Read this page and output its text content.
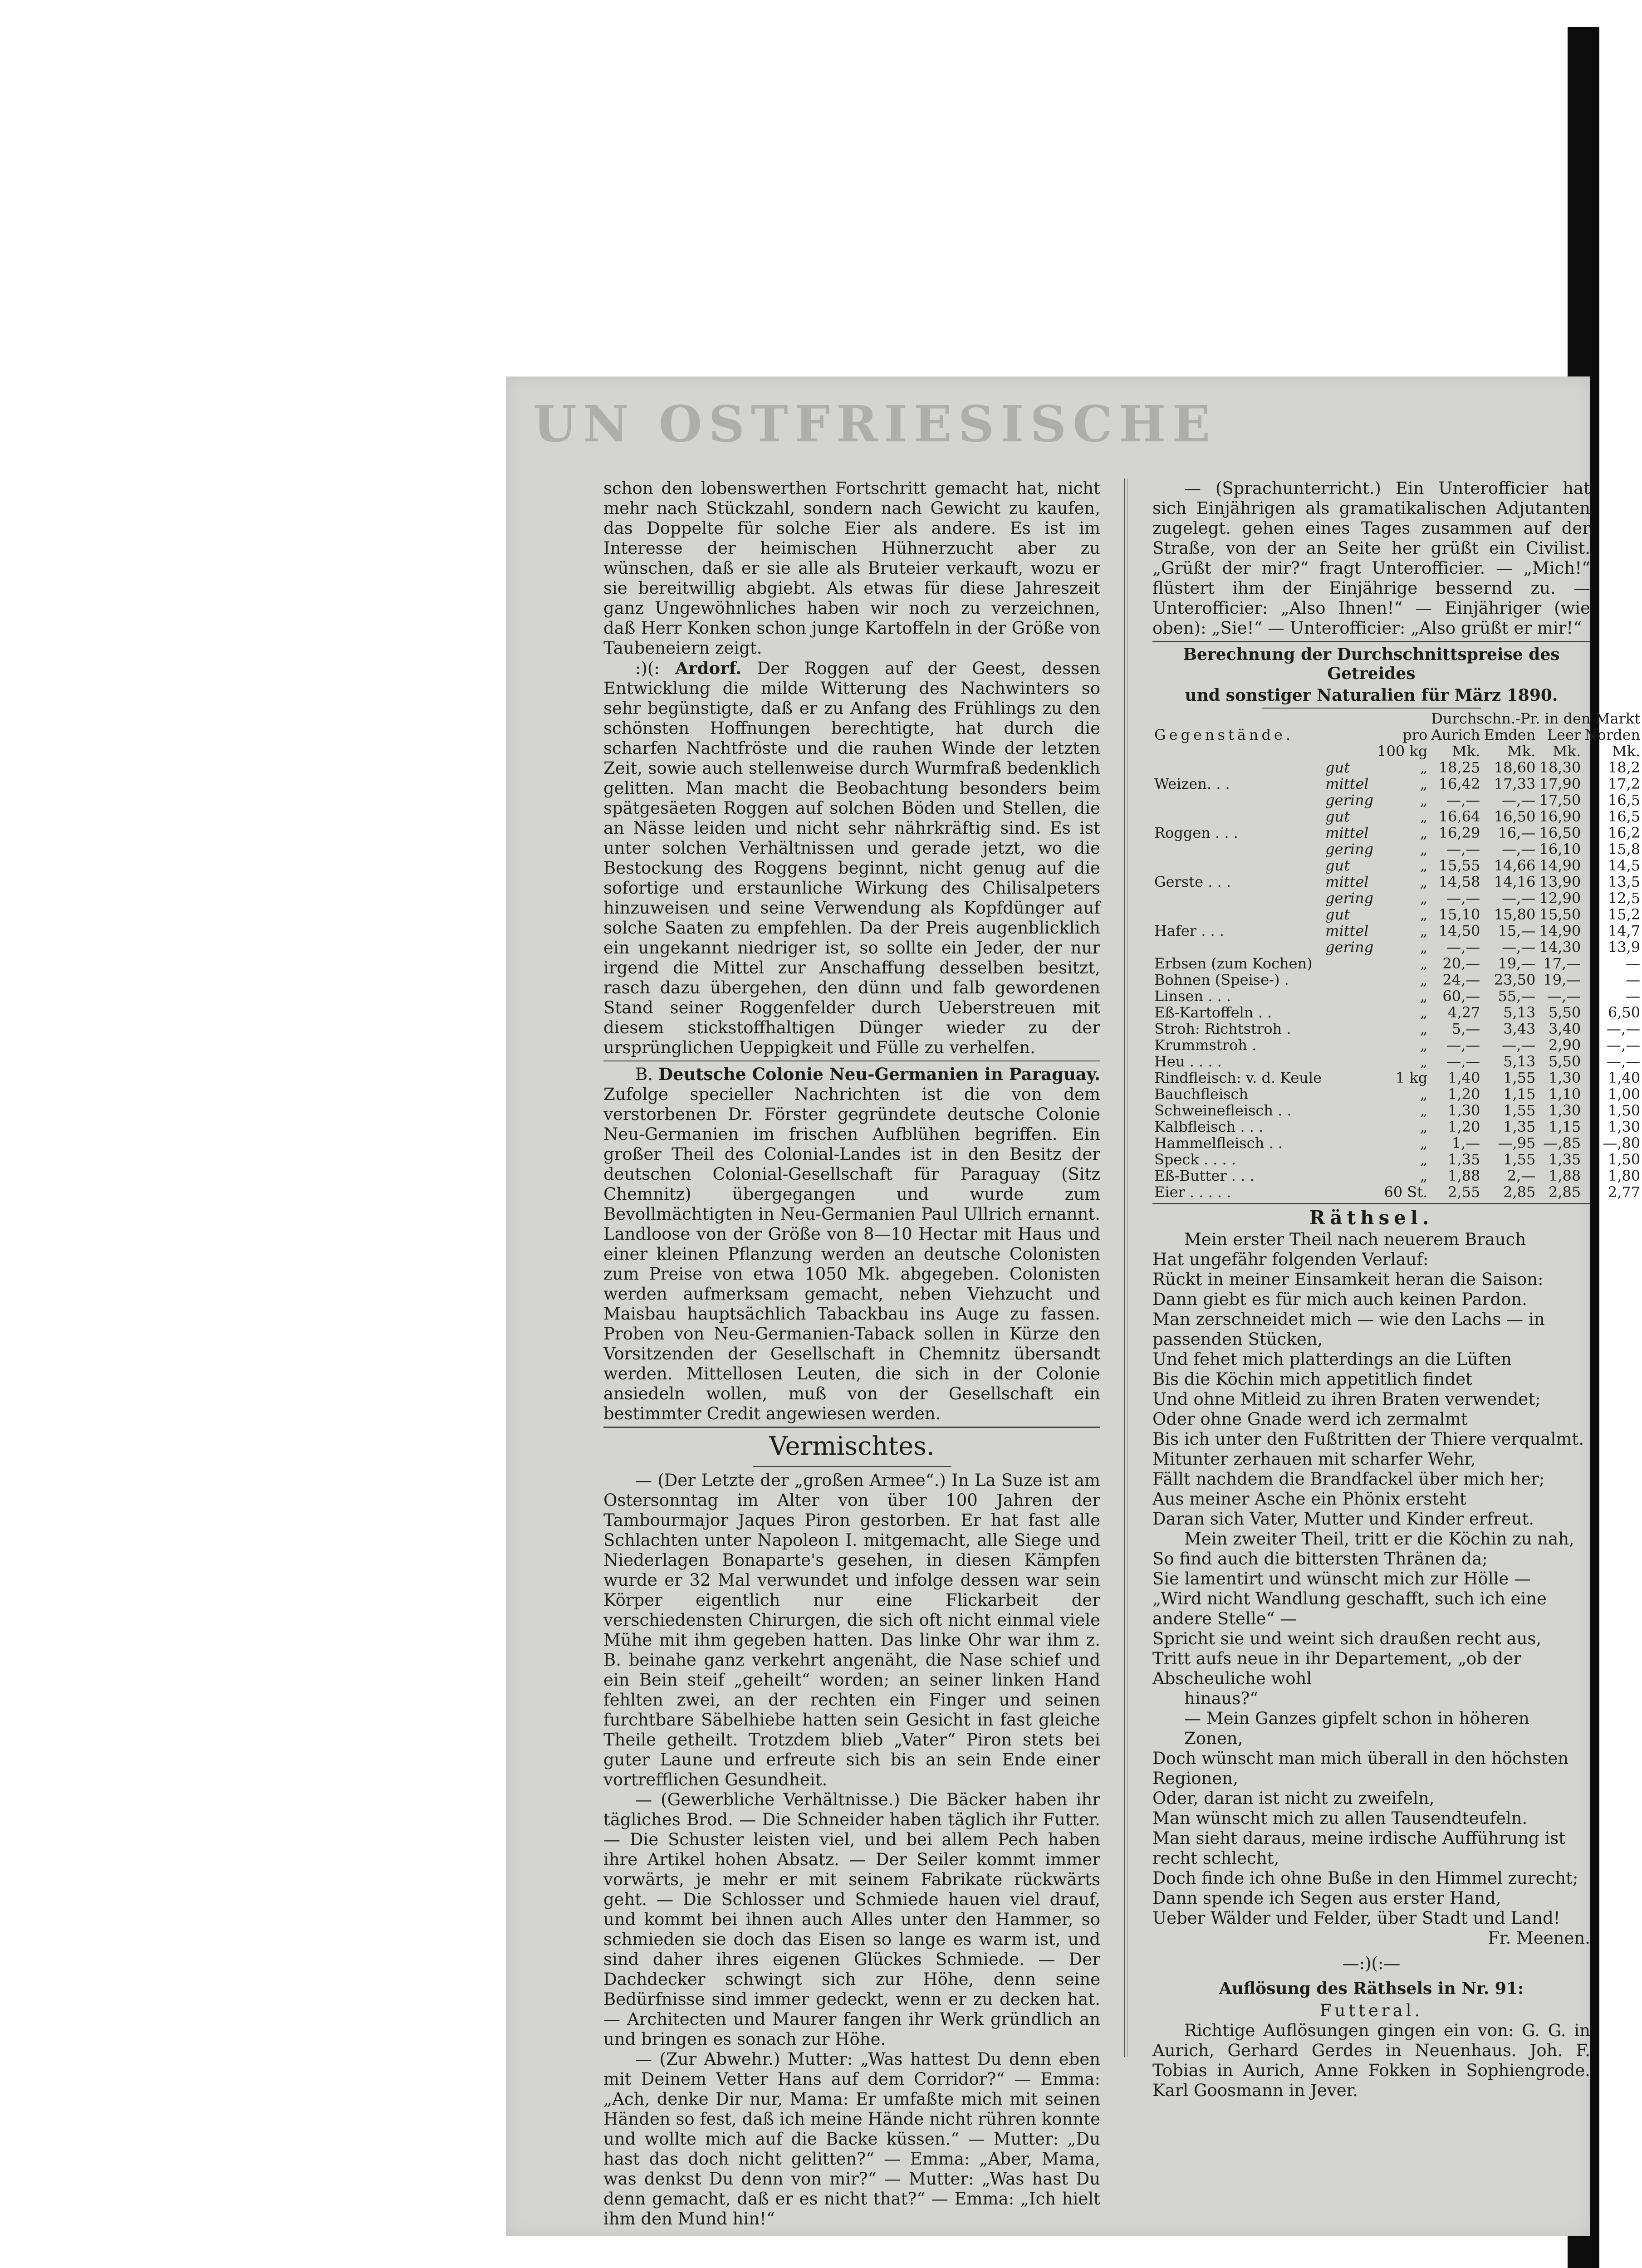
UN OSTFRIESISCHE

schon den lobenswerthen Fortschritt gemacht hat, nicht mehr nach Stückzahl, sondern nach Gewicht zu kaufen, das Doppelte für solche Eier als andere. Es ist im Interesse der heimischen Hühnerzucht aber zu wünschen, daß er sie alle als Bruteier verkauft, wozu er sie bereitwillig abgiebt. Als etwas für diese Jahreszeit ganz Ungewöhnliches haben wir noch zu verzeichnen, daß Herr Konken schon junge Kartoffeln in der Größe von Taubeneiern zeigt.

:)(: Ardorf. Der Roggen auf der Geest, dessen Entwicklung die milde Witterung des Nachwinters so sehr begünstigte, daß er zu Anfang des Frühlings zu den schönsten Hoffnungen berechtigte, hat durch die scharfen Nachtfröste und die rauhen Winde der letzten Zeit, sowie auch stellenweise durch Wurmfraß bedenklich gelitten. Man macht die Beobachtung besonders beim spätgesäeten Roggen auf solchen Böden und Stellen, die an Nässe leiden und nicht sehr nährkräftig sind. Es ist unter solchen Verhältnissen und gerade jetzt, wo die Bestockung des Roggens beginnt, nicht genug auf die sofortige und erstaunliche Wirkung des Chilisalpeters hinzuweisen und seine Verwendung als Kopfdünger auf solche Saaten zu empfehlen. Da der Preis augenblicklich ein ungekannt niedriger ist, so sollte ein Jeder, der nur irgend die Mittel zur Anschaffung desselben besitzt, rasch dazu übergehen, den dünn und falb gewordenen Stand seiner Roggenfelder durch Ueberstreuen mit diesem stickstoffhaltigen Dünger wieder zu der ursprünglichen Ueppigkeit und Fülle zu verhelfen.

B. Deutsche Colonie Neu-Germanien in Paraguay. Zufolge specieller Nachrichten ist die von dem verstorbenen Dr. Förster gegründete deutsche Colonie Neu-Germanien im frischen Aufblühen begriffen. Ein großer Theil des Colonial-Landes ist in den Besitz der deutschen Colonial-Gesellschaft für Paraguay (Sitz Chemnitz) übergegangen und wurde zum Bevollmächtigten in Neu-Germanien Paul Ullrich ernannt. Landloose von der Größe von 8—10 Hectar mit Haus und einer kleinen Pflanzung werden an deutsche Colonisten zum Preise von etwa 1050 Mk. abgegeben. Colonisten werden aufmerksam gemacht, neben Viehzucht und Maisbau hauptsächlich Tabackbau ins Auge zu fassen. Proben von Neu-Germanien-Taback sollen in Kürze den Vorsitzenden der Gesellschaft in Chemnitz übersandt werden. Mittellosen Leuten, die sich in der Colonie ansiedeln wollen, muß von der Gesellschaft ein bestimmter Credit angewiesen werden.

Vermischtes.

— (Der Letzte der „großen Armee“.) In La Suze ist am Ostersonntag im Alter von über 100 Jahren der Tambourmajor Jaques Piron gestorben. Er hat fast alle Schlachten unter Napoleon I. mitgemacht, alle Siege und Niederlagen Bonaparte's gesehen, in diesen Kämpfen wurde er 32 Mal verwundet und infolge dessen war sein Körper eigentlich nur eine Flickarbeit der verschiedensten Chirurgen, die sich oft nicht einmal viele Mühe mit ihm gegeben hatten. Das linke Ohr war ihm z. B. beinahe ganz verkehrt angenäht, die Nase schief und ein Bein steif „geheilt“ worden; an seiner linken Hand fehlten zwei, an der rechten ein Finger und seinen furchtbare Säbelhiebe hatten sein Gesicht in fast gleiche Theile getheilt. Trotzdem blieb „Vater“ Piron stets bei guter Laune und erfreute sich bis an sein Ende einer vortrefflichen Gesundheit.

— (Gewerbliche Verhältnisse.) Die Bäcker haben ihr tägliches Brod. — Die Schneider haben täglich ihr Futter. — Die Schuster leisten viel, und bei allem Pech haben ihre Artikel hohen Absatz. — Der Seiler kommt immer vorwärts, je mehr er mit seinem Fabrikate rückwärts geht. — Die Schlosser und Schmiede hauen viel drauf, und kommt bei ihnen auch Alles unter den Hammer, so schmieden sie doch das Eisen so lange es warm ist, und sind daher ihres eigenen Glückes Schmiede. — Der Dachdecker schwingt sich zur Höhe, denn seine Bedürfnisse sind immer gedeckt, wenn er zu decken hat. — Architecten und Maurer fangen ihr Werk gründlich an und bringen es sonach zur Höhe.

— (Zur Abwehr.) Mutter: „Was hattest Du denn eben mit Deinem Vetter Hans auf dem Corridor?“ — Emma: „Ach, denke Dir nur, Mama: Er umfaßte mich mit seinen Händen so fest, daß ich meine Hände nicht rühren konnte und wollte mich auf die Backe küssen.“ — Mutter: „Du hast das doch nicht gelitten?“ — Emma: „Aber, Mama, was denkst Du denn von mir?“ — Mutter: „Was hast Du denn gemacht, daß er es nicht that?“ — Emma: „Ich hielt ihm den Mund hin!“

— (Sprachunterricht.) Ein Unterofficier hat sich Einjährigen als gramatikalischen Adjutanten zugelegt. gehen eines Tages zusammen auf der Straße, von der an Seite her grüßt ein Civilist. „Grüßt der mir?“ fragt Unterofficier. — „Mich!“ flüstert ihm der Einjährige bessernd zu. — Unterofficier: „Also Ihnen!“ — Einjähriger (wie oben): „Sie!“ — Unterofficier: „Also grüßt er mir!“

Berechnung der Durchschnittspreise des Getreides
und sonstiger Naturalien für März 1890.
			Durchschn.-Pr. in den Markt			
Gegenstände.		pro	Aurich	Emden	Leer	Norden
		100 kg	Mk.	Mk.	Mk.	Mk.
	gut	„	18,25	18,60	18,30	18,2
Weizen. . .	mittel	„	16,42	17,33	17,90	17,2
	gering	„	—,—	—,—	17,50	16,5
	gut	„	16,64	16,50	16,90	16,5
Roggen . . .	mittel	„	16,29	16,—	16,50	16,2
	gering	„	—,—	—,—	16,10	15,8
	gut	„	15,55	14,66	14,90	14,5
Gerste . . .	mittel	„	14,58	14,16	13,90	13,5
	gering	„	—,—	—,—	12,90	12,5
	gut	„	15,10	15,80	15,50	15,2
Hafer . . .	mittel	„	14,50	15,—	14,90	14,7
	gering	„	—,—	—,—	14,30	13,9
Erbsen (zum Kochen)		„	20,—	19,—	17,—	—
Bohnen (Speise-) .		„	24,—	23,50	19,—	—
Linsen . . .		„	60,—	55,—	—,—	—
Eß-Kartoffeln . .		„	4,27	5,13	5,50	6,50
Stroh: Richtstroh .		„	5,—	3,43	3,40	—,—
Krummstroh .		„	—,—	—,—	2,90	—,—
Heu . . . .		„	—,—	5,13	5,50	—,—
Rindfleisch: v. d. Keule		1 kg	1,40	1,55	1,30	1,40
Bauchfleisch		„	1,20	1,15	1,10	1,00
Schweinefleisch . .		„	1,30	1,55	1,30	1,50
Kalbfleisch . . .		„	1,20	1,35	1,15	1,30
Hammelfleisch . .		„	1,—	—,95	—,85	—,80
Speck . . . .		„	1,35	1,55	1,35	1,50
Eß-Butter . . .		„	1,88	2,—	1,88	1,80
Eier . . . . .		60 St.	2,55	2,85	2,85	2,77
Räthsel.

Mein erster Theil nach neuerem Brauch

Hat ungefähr folgenden Verlauf:

Rückt in meiner Einsamkeit heran die Saison:

Dann giebt es für mich auch keinen Pardon.

Man zerschneidet mich — wie den Lachs — in passenden Stücken,

Und fehet mich platterdings an die Lüften

Bis die Köchin mich appetitlich findet

Und ohne Mitleid zu ihren Braten verwendet;

Oder ohne Gnade werd ich zermalmt

Bis ich unter den Fußtritten der Thiere verqualmt.

Mitunter zerhauen mit scharfer Wehr,

Fällt nachdem die Brandfackel über mich her;

Aus meiner Asche ein Phönix ersteht

Daran sich Vater, Mutter und Kinder erfreut.

Mein zweiter Theil, tritt er die Köchin zu nah,

So find auch die bittersten Thränen da;

Sie lamentirt und wünscht mich zur Hölle —

„Wird nicht Wandlung geschafft, such ich eine andere Stelle“ —

Spricht sie und weint sich draußen recht aus,

Tritt aufs neue in ihr Departement, „ob der Abscheuliche wohl

hinaus?“

— Mein Ganzes gipfelt schon in höheren Zonen,

Doch wünscht man mich überall in den höchsten Regionen,

Oder, daran ist nicht zu zweifeln,

Man wünscht mich zu allen Tausendteufeln.

Man sieht daraus, meine irdische Aufführung ist recht schlecht,

Doch finde ich ohne Buße in den Himmel zurecht;

Dann spende ich Segen aus erster Hand,

Ueber Wälder und Felder, über Stadt und Land!

Fr. Meenen.

—:)(:—
Auflösung des Räthsels in Nr. 91:
Futteral.

Richtige Auflösungen gingen ein von: G. G. in Aurich, Gerhard Gerdes in Neuenhaus. Joh. F. Tobias in Aurich, Anne Fokken in Sophiengrode. Karl Goosmann in Jever.
